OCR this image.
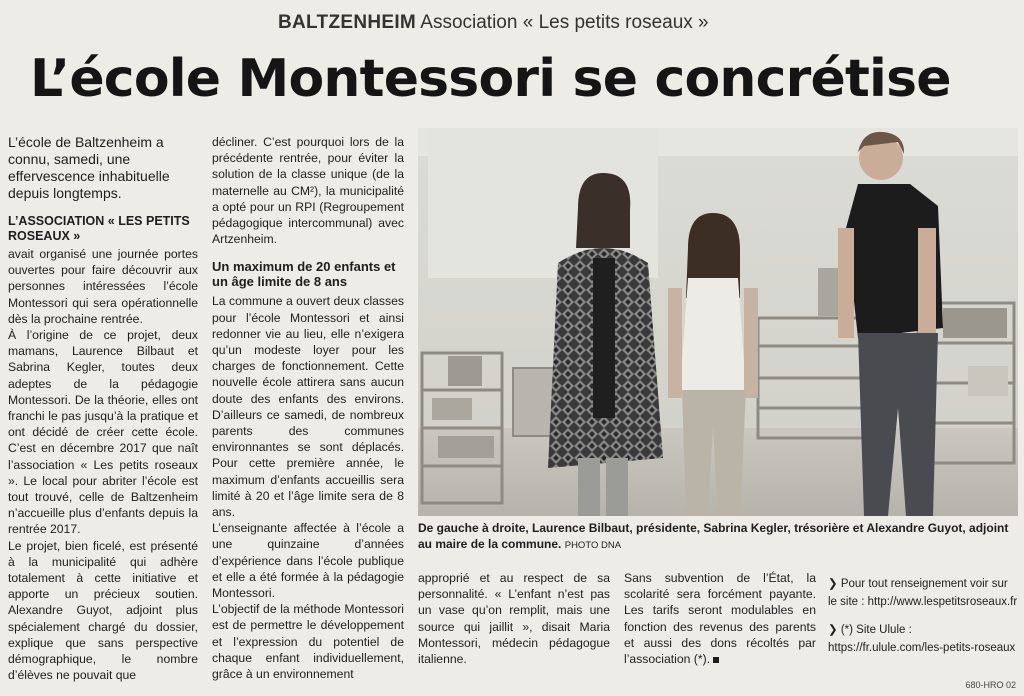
BALTZENHEIM Association « Les petits roseaux »
L’école Montessori se concrétise

L’école de Baltzenheim a connu, samedi, une effervescence inhabituelle depuis longtemps.

L’ASSOCIATION « LES PETITS ROSEAUX »

avait organisé une journée portes ouvertes pour faire découvrir aux personnes intéressées l’école Montessori qui sera opérationnelle dès la prochaine rentrée.

À l’origine de ce projet, deux mamans, Laurence Bilbaut et Sabrina Kegler, toutes deux adeptes de la pédagogie Montessori. De la théorie, elles ont franchi le pas jusqu’à la pratique et ont décidé de créer cette école. C’est en décembre 2017 que naît l’association « Les petits roseaux ». Le local pour abriter l’école est tout trouvé, celle de Baltzenheim n’accueille plus d’enfants depuis la rentrée 2017.

Le projet, bien ficelé, est présenté à la municipalité qui adhère totalement à cette initiative et apporte un précieux soutien. Alexandre Guyot, adjoint plus spécialement chargé du dossier, explique que sans perspective démographique, le nombre d’élèves ne pouvait que

décliner. C’est pourquoi lors de la précédente rentrée, pour éviter la solution de la classe unique (de la maternelle au CM²), la municipalité a opté pour un RPI (Regroupement pédagogique intercommunal) avec Artzenheim.

Un maximum de 20 enfants et un âge limite de 8 ans

La commune a ouvert deux classes pour l’école Montessori et ainsi redonner vie au lieu, elle n’exigera qu’un modeste loyer pour les charges de fonctionnement. Cette nouvelle école attirera sans aucun doute des enfants des environs. D’ailleurs ce samedi, de nombreux parents des communes environnantes se sont déplacés. Pour cette première année, le maximum d’enfants accueillis sera limité à 20 et l’âge limite sera de 8 ans.

L’enseignante affectée à l’école a une quinzaine d’années d’expérience dans l’école publique et elle a été formée à la pédagogie Montessori.

L’objectif de la méthode Montessori est de permettre le développement et l’expression du potentiel de chaque enfant individuellement, grâce à un environnement

De gauche à droite, Laurence Bilbaut, présidente, Sabrina Kegler, trésorière et Alexandre Guyot, adjoint au maire de la commune. PHOTO DNA

approprié et au respect de sa personnalité. « L’enfant n’est pas un vase qu’on remplit, mais une source qui jaillit », disait Maria Montessori, médecin pédagogue italienne.

Sans subvention de l’État, la scolarité sera forcément payante. Les tarifs seront modulables en fonction des revenus des parents et aussi des dons récoltés par l’association (*).

❯ Pour tout renseignement voir sur le site : http://www.lespetitsroseaux.fr

❯ (*) Site Ulule : https://fr.ulule.com/les-petits-roseaux

680-HRO 02
